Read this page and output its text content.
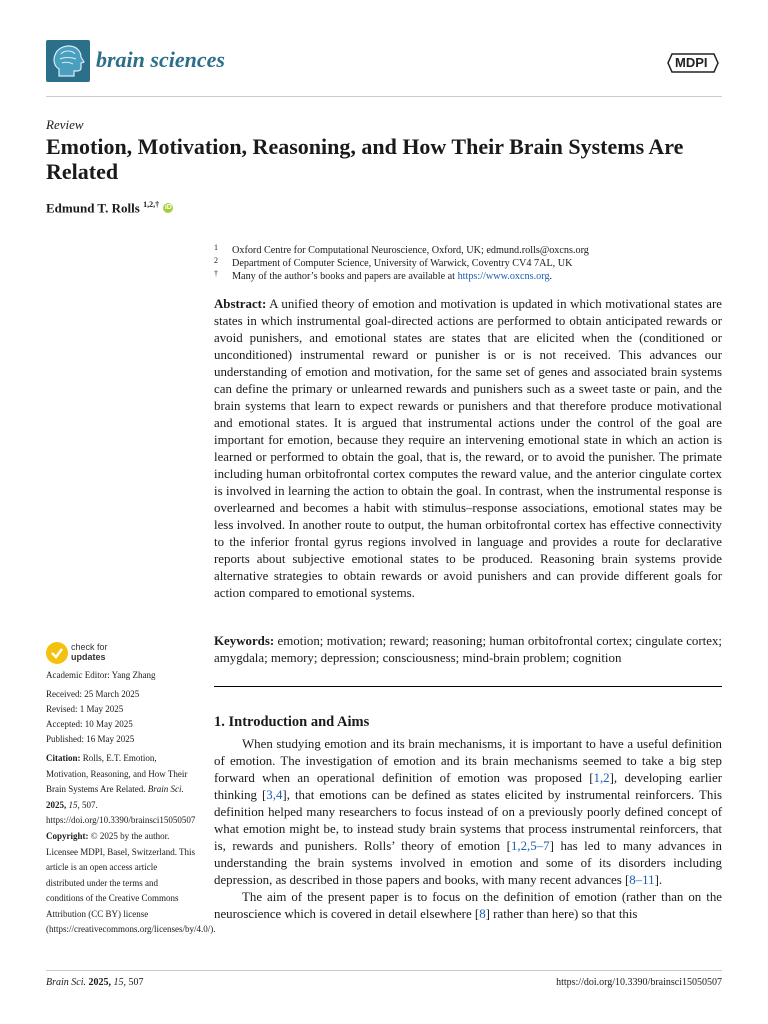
brain sciences	MDPI
Review
Emotion, Motivation, Reasoning, and How Their Brain Systems Are Related
Edmund T. Rolls $^{1,2,\dagger}$ iD
1 Oxford Centre for Computational Neuroscience, Oxford, UK; edmund.rolls@oxcns.org
2 Department of Computer Science, University of Warwick, Coventry CV4 7AL, UK
† Many of the author’s books and papers are available at https://www.oxcns.org.
Abstract: A unified theory of emotion and motivation is updated in which motivational states are states in which instrumental goal-directed actions are performed to obtain anticipated rewards or avoid punishers, and emotional states are states that are elicited when the (conditioned or unconditioned) instrumental reward or punisher is or is not received. This advances our understanding of emotion and motivation, for the same set of genes and associated brain systems can define the primary or unlearned rewards and punishers such as a sweet taste or pain, and the brain systems that learn to expect rewards or punishers and that therefore produce motivational and emotional states. It is argued that instrumental actions under the control of the goal are important for emotion, because they require an intervening emotional state in which an action is learned or performed to obtain the goal, that is, the reward, or to avoid the punisher. The primate including human orbitofrontal cortex computes the reward value, and the anterior cingulate cortex is involved in learning the action to obtain the goal. In contrast, when the instrumental response is overlearned and becomes a habit with stimulus–response associations, emotional states may be less involved. In another route to output, the human orbitofrontal cortex has effective connectivity to the inferior frontal gyrus regions involved in language and provides a route for declarative reports about subjective emotional states to be produced. Reasoning brain systems provide alternative strategies to obtain rewards or avoid punishers and can provide different goals for action compared to emotional systems.
Keywords: emotion; motivation; reward; reasoning; human orbitofrontal cortex; cingulate cortex; amygdala; memory; depression; consciousness; mind-brain problem; cognition
1. Introduction and Aims

When studying emotion and its brain mechanisms, it is important to have a useful definition of emotion. The investigation of emotion and its brain mechanisms seemed to take a big step forward when an operational definition of emotion was proposed [1,2], developing earlier thinking [3,4], that emotions can be defined as states elicited by instrumental reinforcers. This definition helped many researchers to focus instead of on a previously poorly defined concept of what emotion might be, to instead study brain systems that process instrumental reinforcers, that is, rewards and punishers. Rolls’ theory of emotion [1,2,5–7] has led to many advances in understanding the brain systems involved in emotion and some of its disorders including depression, as described in those papers and books, with many recent advances [8–11].

The aim of the present paper is to focus on the definition of emotion (rather than on the neuroscience which is covered in detail elsewhere [8] rather than here) so that this

check for
updates
Academic Editor: Yang Zhang
Received: 25 March 2025
Revised: 1 May 2025
Accepted: 10 May 2025
Published: 16 May 2025
Citation: Rolls, E.T. Emotion, Motivation, Reasoning, and How Their Brain Systems Are Related. Brain Sci. 2025, 15, 507. https://doi.org/10.3390/brainsci15050507
Copyright: © 2025 by the author. Licensee MDPI, Basel, Switzerland. This article is an open access article distributed under the terms and conditions of the Creative Commons Attribution (CC BY) license (https://creativecommons.org/licenses/by/4.0/).
Brain Sci. 2025, 15, 507	https://doi.org/10.3390/brainsci15050507
